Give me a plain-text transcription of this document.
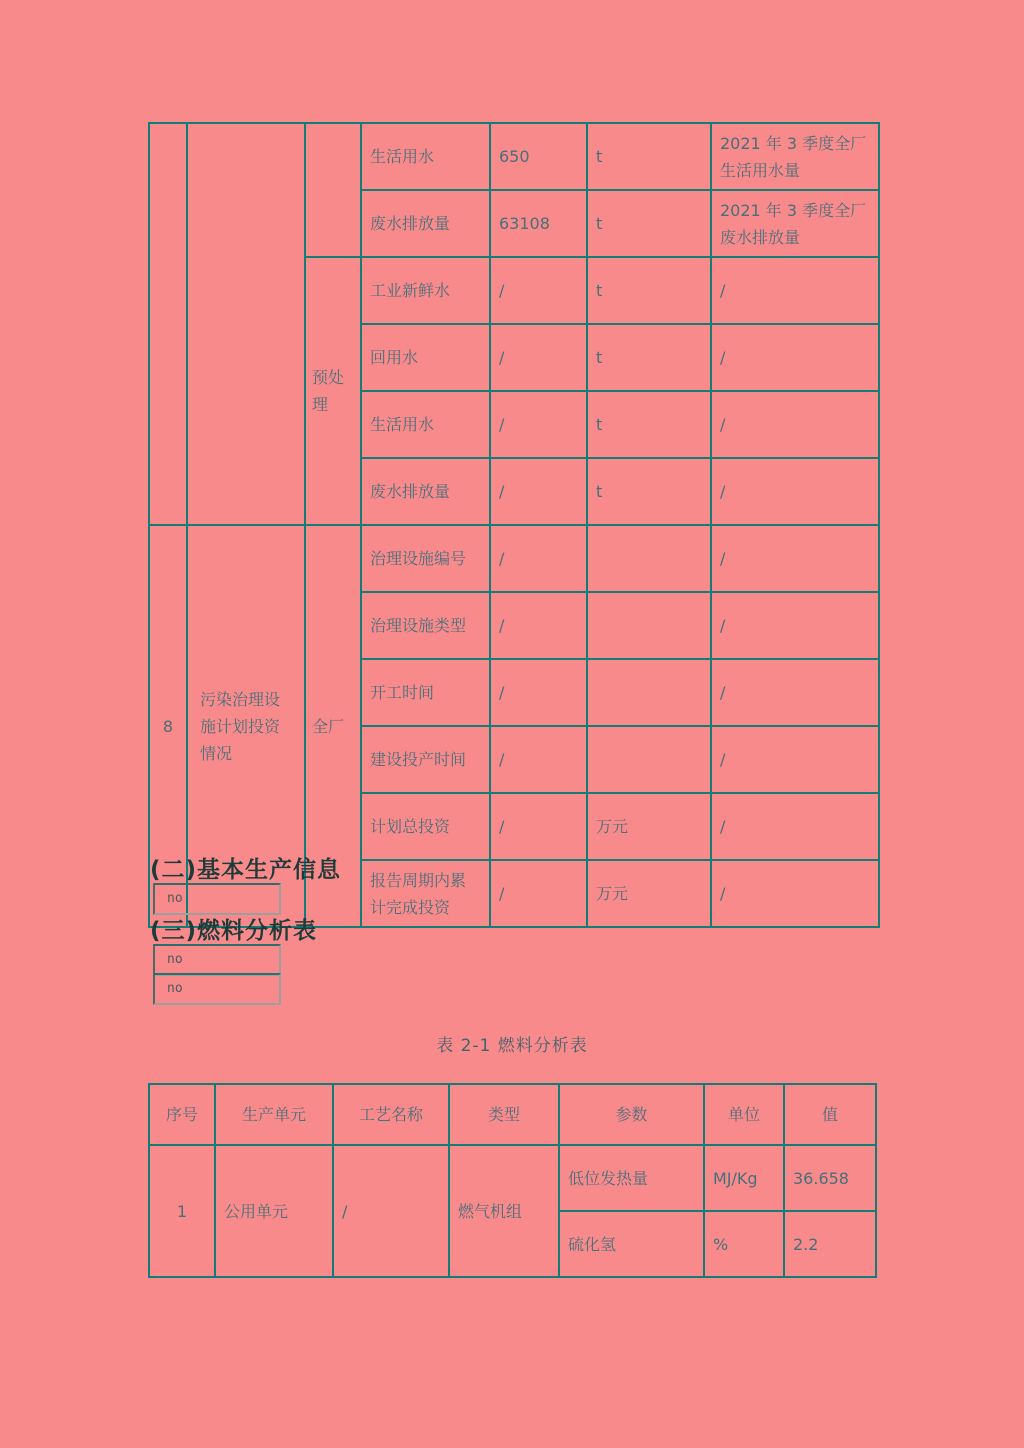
			生活用水	650	t	2021 年 3 季度全厂生活用水量
			废水排放量	63108	t	2021 年 3 季度全厂废水排放量
		预处理	工业新鲜水	/	t	/
			回用水	/	t	/
			生活用水	/	t	/
			废水排放量	/	t	/
8	污染治理设施计划投资情况	全厂	治理设施编号	/		/
			治理设施类型	/		/
			开工时间	/		/
			建设投产时间	/		/
			计划总投资	/	万元	/
			报告周期内累计完成投资	/	万元	/
(二)基本生产信息
no
(三)燃料分析表
no
no
表 2-1 燃料分析表
序号	生产单元	工艺名称	类型	参数	单位	值
1	公用单元	/	燃气机组	低位发热量	MJ/Kg	36.658
				硫化氢	%	2.2
